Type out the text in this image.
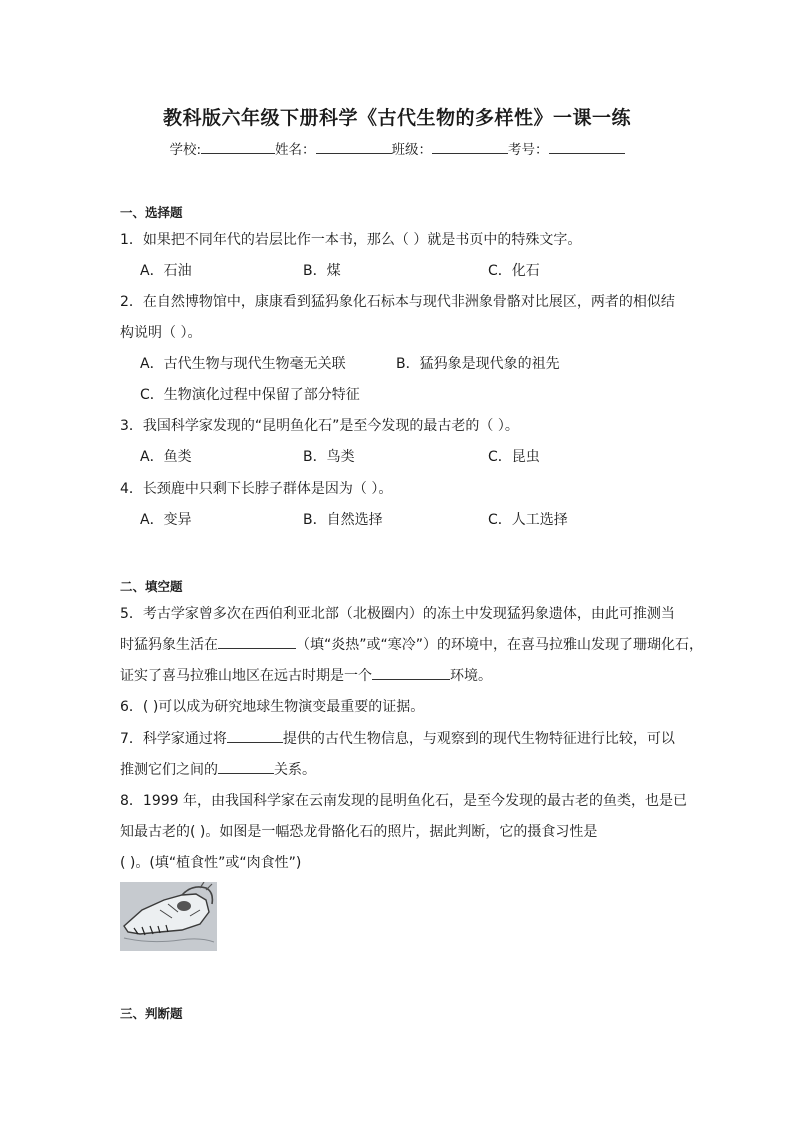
教科版六年级下册科学《古代生物的多样性》一课一练
学校:	姓名：	班级：	考号：
一、选择题
1．如果把不同年代的岩层比作一本书，那么（ ）就是书页中的特殊文字。
A．石油	B．煤	C．化石
2．在自然博物馆中，康康看到猛犸象化石标本与现代非洲象骨骼对比展区，两者的相似结
构说明（ ）。
A．古代生物与现代生物毫无关联	B．猛犸象是现代象的祖先
C．生物演化过程中保留了部分特征
3．我国科学家发现的“昆明鱼化石”是至今发现的最古老的（ ）。
A．鱼类	B．鸟类	C．昆虫
4．长颈鹿中只剩下长脖子群体是因为（ ）。
A．变异	B．自然选择	C．人工选择
二、填空题
5．考古学家曾多次在西伯利亚北部（北极圈内）的冻土中发现猛犸象遗体，由此可推测当
时猛犸象生活在	（填“炎热”或“寒冷”）的环境中，在喜马拉雅山发现了珊瑚化石，
证实了喜马拉雅山地区在远古时期是一个	环境。
6．( )可以成为研究地球生物演变最重要的证据。
7．科学家通过将	提供的古代生物信息，与观察到的现代生物特征进行比较，可以
推测它们之间的	关系。
8．1999 年，由我国科学家在云南发现的昆明鱼化石，是至今发现的最古老的鱼类，也是已
知最古老的( )。如图是一幅恐龙骨骼化石的照片，据此判断，它的摄食习性是
( )。(填“植食性”或“肉食性”)
三、判断题
